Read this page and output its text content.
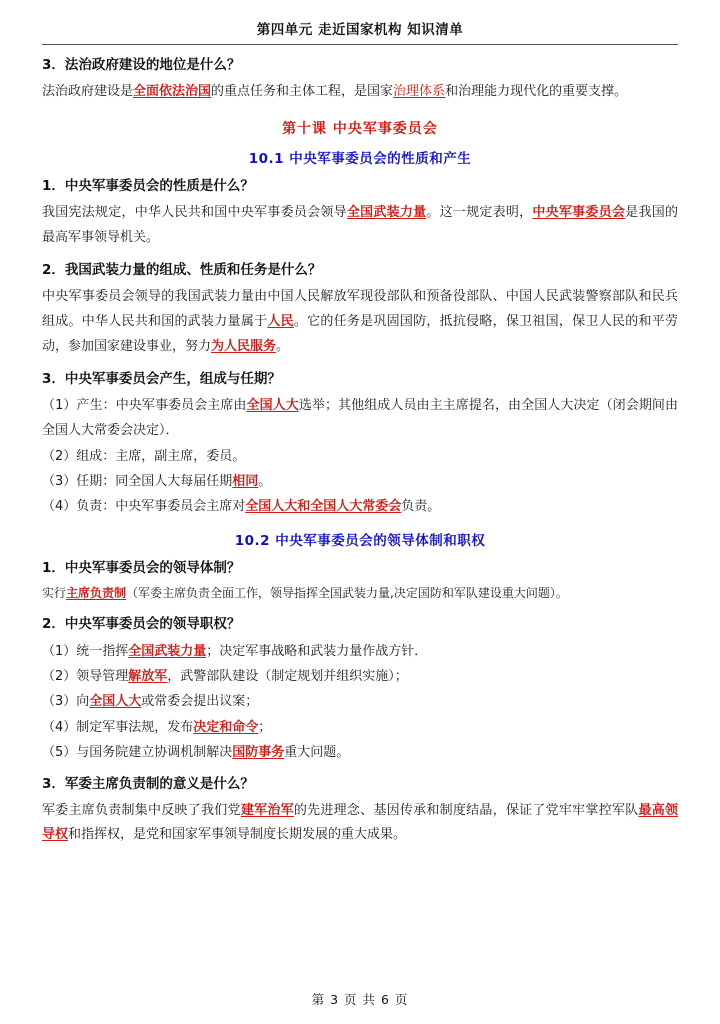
第四单元 走近国家机构 知识清单
3．法治政府建设的地位是什么？
法治政府建设是全面依法治国的重点任务和主体工程，是国家治理体系和治理能力现代化的重要支撑。
第十课 中央军事委员会
10.1 中央军事委员会的性质和产生
1．中央军事委员会的性质是什么？
我国宪法规定，中华人民共和国中央军事委员会领导全国武装力量。这一规定表明，中央军事委员会是我国的最高军事领导机关。
2．我国武装力量的组成、性质和任务是什么？
中央军事委员会领导的我国武装力量由中国人民解放军现役部队和预备役部队、中国人民武装警察部队和民兵组成。中华人民共和国的武装力量属于人民。它的任务是巩固国防，抵抗侵略，保卫祖国，保卫人民的和平劳动，参加国家建设事业，努力为人民服务。
3．中央军事委员会产生，组成与任期？
（1）产生：中央军事委员会主席由全国人大选举；其他组成人员由主主席提名，由全国人大决定（闭会期间由全国人大常委会决定）．
（2）组成：主席，副主席，委员。
（3）任期：同全国人大每届任期相同。
（4）负责：中央军事委员会主席对全国人大和全国人大常委会负责。
10.2 中央军事委员会的领导体制和职权
1．中央军事委员会的领导体制？
实行主席负责制（军委主席负责全面工作，领导指挥全国武装力量,决定国防和军队建设重大问题）。
2．中央军事委员会的领导职权？
（1）统一指挥全国武装力量；决定军事战略和武装力量作战方针．
（2）领导管理解放军，武警部队建设（制定规划并组织实施）；
（3）向全国人大或常委会提出议案；
（4）制定军事法规，发布决定和命令；
（5）与国务院建立协调机制解决国防事务重大问题。
3．军委主席负责制的意义是什么？
军委主席负责制集中反映了我们党建军治军的先进理念、基因传承和制度结晶，保证了党牢牢掌控军队最高领导权和指挥权，是党和国家军事领导制度长期发展的重大成果。
第 3 页 共 6 页
